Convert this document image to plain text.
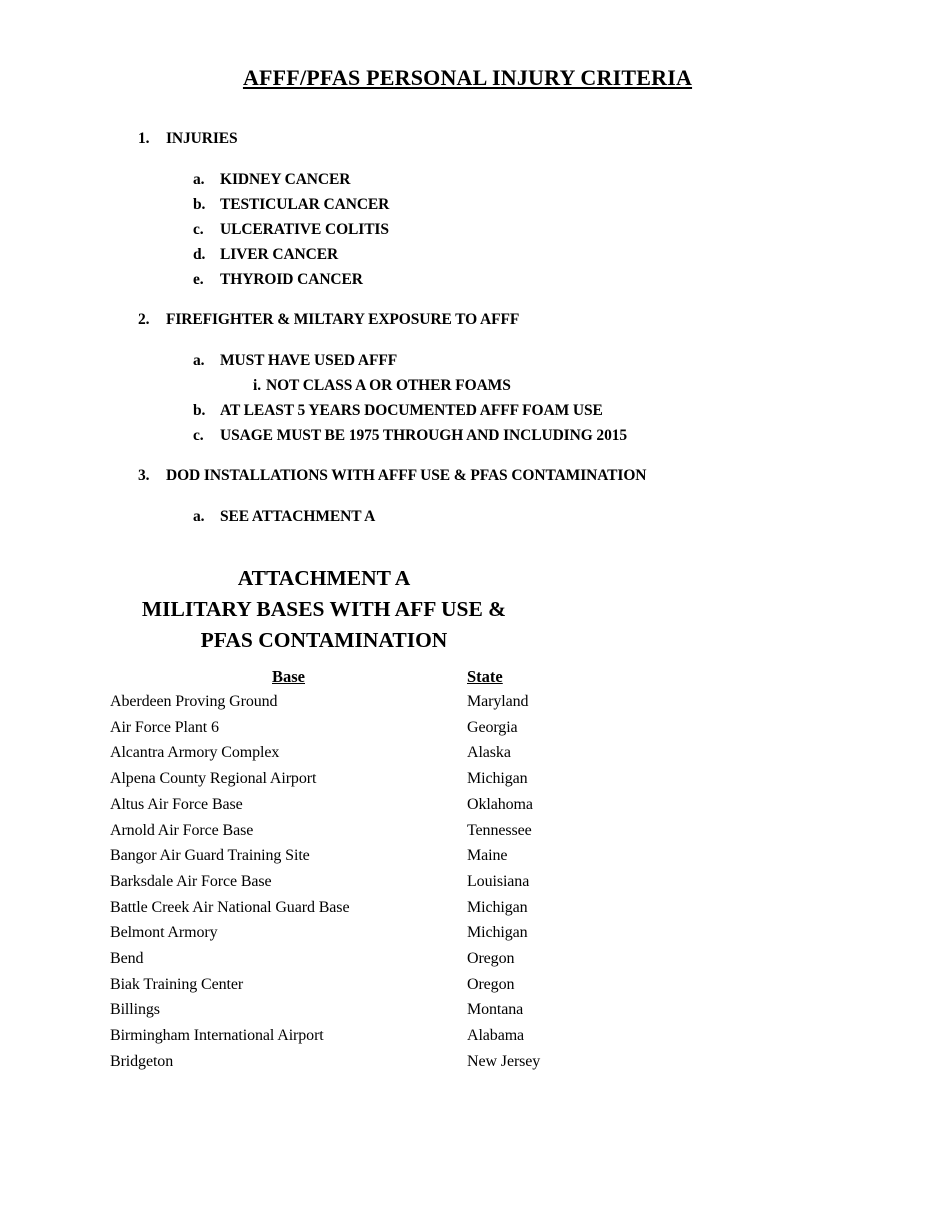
AFFF/PFAS PERSONAL INJURY CRITERIA
1. INJURIES
a. KIDNEY CANCER
b. TESTICULAR CANCER
c. ULCERATIVE COLITIS
d. LIVER CANCER
e. THYROID CANCER
2. FIREFIGHTER & MILTARY EXPOSURE TO AFFF
a. MUST HAVE USED AFFF
i. NOT CLASS A OR OTHER FOAMS
b. AT LEAST 5 YEARS DOCUMENTED AFFF FOAM USE
c. USAGE MUST BE 1975 THROUGH AND INCLUDING 2015
3. DOD INSTALLATIONS WITH AFFF USE & PFAS CONTAMINATION
a. SEE ATTACHMENT A
ATTACHMENT A
MILITARY BASES WITH AFF USE &
PFAS CONTAMINATION
Base	State
Aberdeen Proving Ground	Maryland
Air Force Plant 6	Georgia
Alcantra Armory Complex	Alaska
Alpena County Regional Airport	Michigan
Altus Air Force Base	Oklahoma
Arnold Air Force Base	Tennessee
Bangor Air Guard Training Site	Maine
Barksdale Air Force Base	Louisiana
Battle Creek Air National Guard Base	Michigan
Belmont Armory	Michigan
Bend	Oregon
Biak Training Center	Oregon
Billings	Montana
Birmingham International Airport	Alabama
Bridgeton	New Jersey
